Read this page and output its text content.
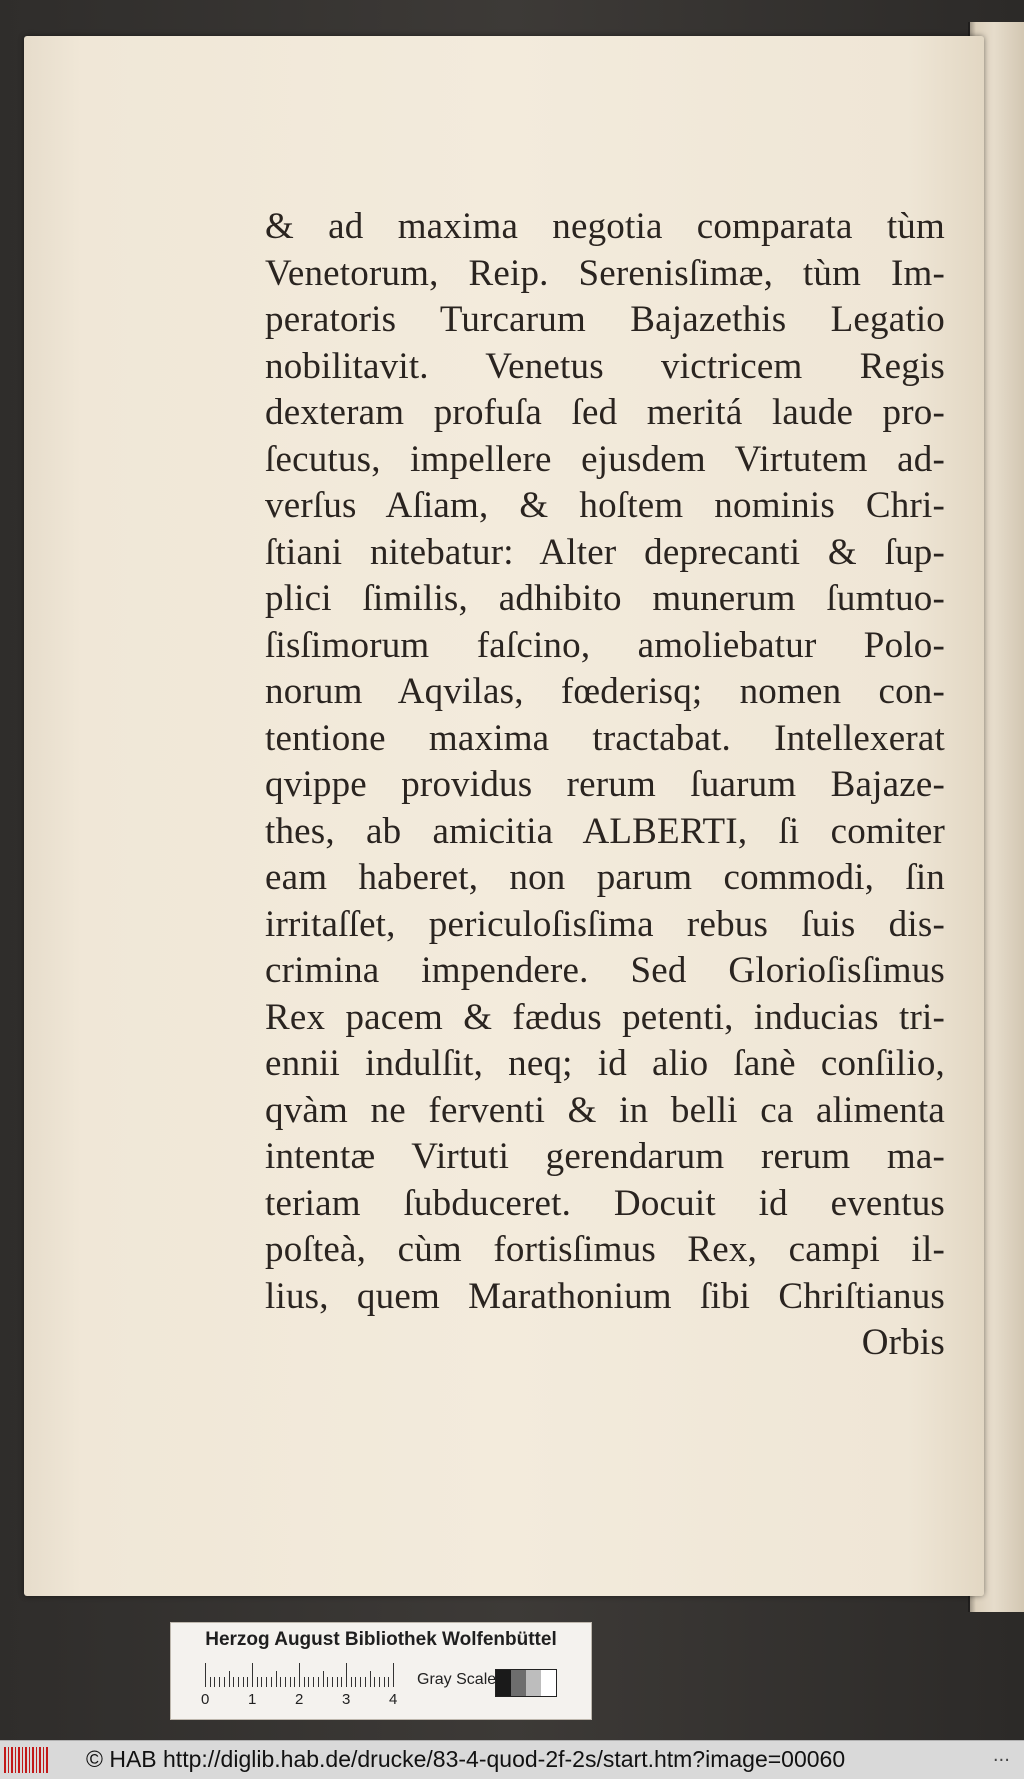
& ad maxima negotia comparata tùm
Venetorum, Reip. Serenisſimæ, tùm Im-
peratoris Turcarum Bajazethis Legatio
nobilitavit. Venetus victricem Regis
dexteram profuſa ſed meritá laude pro-
ſecutus, impellere ejusdem Virtutem ad-
verſus Aſiam, & hoſtem nominis Chri-
ſtiani nitebatur: Alter deprecanti & ſup-
plici ſimilis, adhibito munerum ſumtuo-
ſisſimorum faſcino, amoliebatur Polo-
norum Aqvilas, fœderisq; nomen con-
tentione maxima tractabat. Intellexerat
qvippe providus rerum ſuarum Bajaze-
thes, ab amicitia ALBERTI, ſi comiter
eam haberet, non parum commodi, ſin
irritaſſet, periculoſisſima rebus ſuis dis-
crimina impendere. Sed Glorioſisſimus
Rex pacem & fædus petenti, inducias tri-
ennii indulſit, neq; id alio ſanè conſilio,
qvàm ne ferventi & in belli ca alimenta
intentæ Virtuti gerendarum rerum ma-
teriam ſubduceret. Docuit id eventus
poſteà, cùm fortisſimus Rex, campi il-
lius, quem Marathonium ſibi Chriſtianus
Orbis
Herzog August Bibliothek Wolfenbüttel
0	1	2	3	4
Gray Scale
© HAB http://diglib.hab.de/drucke/83-4-quod-2f-2s/start.htm?image=00060	...
